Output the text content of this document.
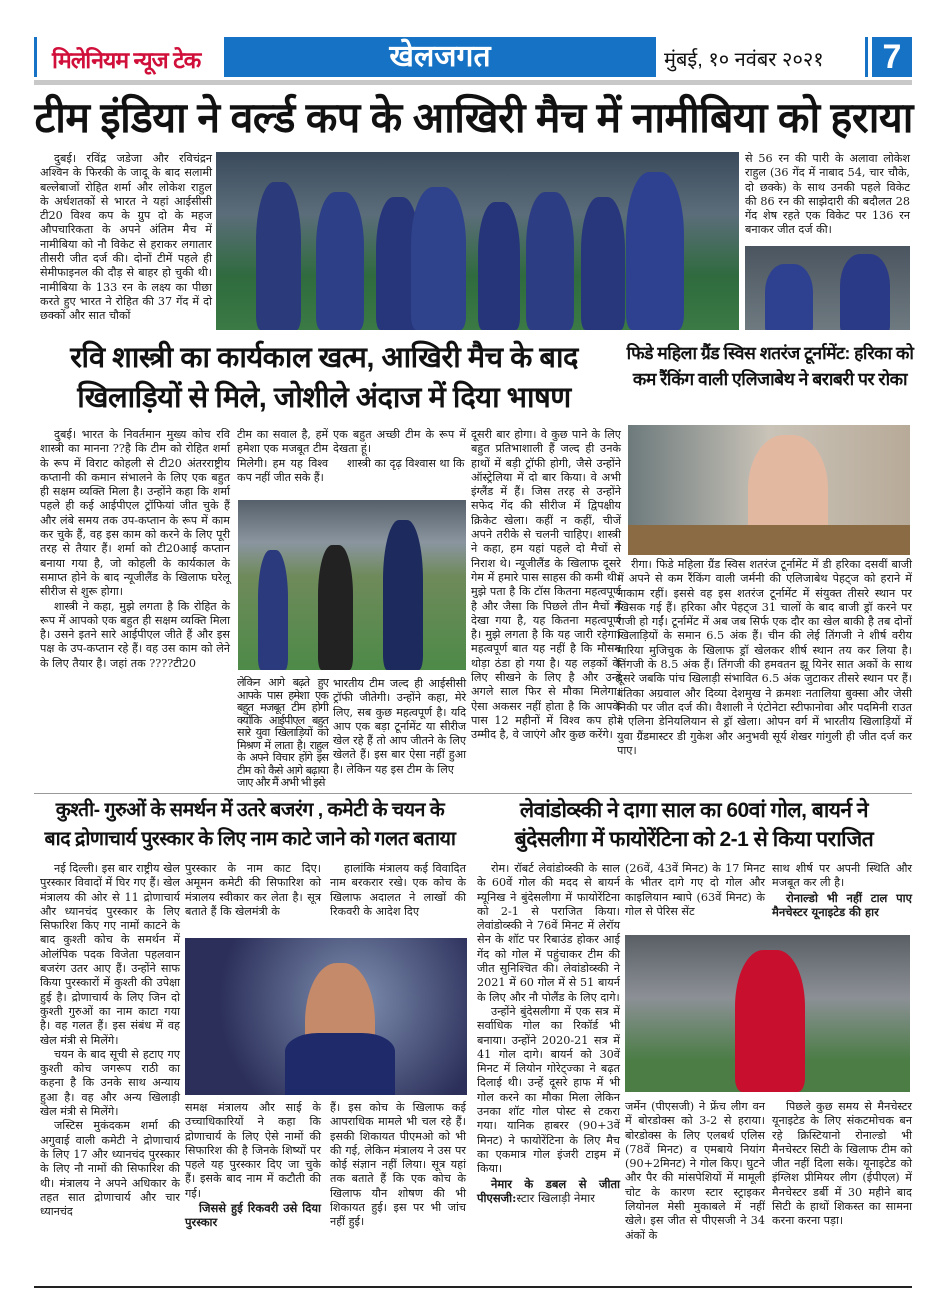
मिलेनियम न्यूज टेक	खेलजगत	मुंबई, १० नवंबर २०२१	7
टीम इंडिया ने वर्ल्ड कप के आखिरी मैच में नामीबिया को हराया

दुबई। रविंद्र जडेजा और रविचंद्रन अश्विन के फिरकी के जादू के बाद सलामी बल्लेबाजों रोहित शर्मा और लोकेश राहुल के अर्धशतकों से भारत ने यहां आईसीसी टी20 विश्व कप के ग्रुप दो के महज औपचारिकता के अपने अंतिम मैच में नामीबिया को नौ विकेट से हराकर लगातार तीसरी जीत दर्ज की। दोनों टीमें पहले ही सेमीफाइनल की दौड़ से बाहर हो चुकी थी। नामीबिया के 133 रन के लक्ष्य का पीछा करते हुए भारत ने रोहित की 37 गेंद में दो छक्कों और सात चौकों

से 56 रन की पारी के अलावा लोकेश राहुल (36 गेंद में नाबाद 54, चार चौके, दो छक्के) के साथ उनकी पहले विकेट की 86 रन की साझेदारी की बदौलत 28 गेंद शेष रहते एक विकेट पर 136 रन बनाकर जीत दर्ज की।

रवि शास्त्री का कार्यकाल खत्म, आखिरी मैच के बाद
खिलाड़ियों से मिले, जोशीले अंदाज में दिया भाषण

दुबई। भारत के निवर्तमान मुख्य कोच रवि शास्त्री का मानना ??है कि टीम को रोहित शर्मा के रूप में विराट कोहली से टी20 अंतरराष्ट्रीय कप्तानी की कमान संभालने के लिए एक बहुत ही सक्षम व्यक्ति मिला है। उन्होंने कहा कि शर्मा पहले ही कई आईपीएल ट्रॉफियां जीत चुके हैं और लंबे समय तक उप-कप्तान के रूप में काम कर चुके हैं, वह इस काम को करने के लिए पूरी तरह से तैयार हैं। शर्मा को टी20आई कप्तान बनाया गया है, जो कोहली के कार्यकाल के समाप्त होने के बाद न्यूजीलैंड के खिलाफ घरेलू सीरीज से शुरू होगा।

शास्त्री ने कहा, मुझे लगता है कि रोहित के रूप में आपको एक बहुत ही सक्षम व्यक्ति मिला है। उसने इतने सारे आईपीएल जीते हैं और इस पक्ष के उप-कप्तान रहे हैं। वह उस काम को लेने के लिए तैयार है। जहां तक ????टी20

टीम का सवाल है, हमें हमेशा एक मजबूत टीम मिलेगी। हम यह विश्व कप नहीं जीत सके हैं।

एक बहुत अच्छी टीम के रूप में देखता हूं।

शास्त्री का दृढ़ विश्वास था कि

लेकिन आगे बढ़ते हुए आपके पास हमेशा एक बहुत मजबूत टीम होगी क्योंकि आईपीएल बहुत सारे युवा खिलाड़ियों को मिश्रण में लाता है। राहुल के अपने विचार होंगे इस टीम को कैसे आगे बढ़ाया जाए और मैं अभी भी इसे

भारतीय टीम जल्द ही आईसीसी ट्रॉफी जीतेगी। उन्होंने कहा, मेरे लिए, सब कुछ महत्वपूर्ण है। यदि आप एक बड़ा टूर्नामेंट या सीरीज खेल रहे हैं तो आप जीतने के लिए खेलते हैं। इस बार ऐसा नहीं हुआ है। लेकिन यह इस टीम के लिए

दूसरी बार होगा। वे कुछ पाने के लिए बहुत प्रतिभाशाली हैं जल्द ही उनके हाथों में बड़ी ट्रॉफी होगी, जैसे उन्होंने ऑस्ट्रेलिया में दो बार किया। वे अभी इंग्लैंड में हैं। जिस तरह से उन्होंने सफेद गेंद की सीरीज में द्विपक्षीय क्रिकेट खेला। कहीं न कहीं, चीजें अपने तरीके से चलनी चाहिए। शास्त्री ने कहा, हम यहां पहले दो मैचों से निराश थे। न्यूजीलैंड के खिलाफ दूसरे गेम में हमारे पास साहस की कमी थी। मुझे पता है कि टॉस कितना महत्वपूर्ण है और जैसा कि पिछले तीन मैचों में देखा गया है, यह कितना महत्वपूर्ण है। मुझे लगता है कि यह जारी रहेगा। महत्वपूर्ण बात यह नहीं है कि मौसम थोड़ा ठंडा हो गया है। यह लड़कों के लिए सीखने के लिए है और उन्हें अगले साल फिर से मौका मिलेगा। ऐसा अकसर नहीं होता है कि आपके पास 12 महीनों में विश्व कप हो। उम्मीद है, वे जाएंगे और कुछ करेंगे।

फिडे महिला ग्रैंड स्विस शतरंज टूर्नामेंट: हरिका को कम रैंकिंग वाली एलिजाबेथ ने बराबरी पर रोका

रीगा। फिडे महिला ग्रैंड स्विस शतरंज टूर्नामेंट में डी हरिका दसवीं बाजी में अपने से कम रैंकिंग वाली जर्मनी की एलिजाबेथ पेहट्ज को हराने में नाकाम रहीं। इससे वह इस शतरंज टूर्नामेंट में संयुक्त तीसरे स्थान पर खिसक गई हैं। हरिका और पेहट्ज 31 चालों के बाद बाजी ड्रॉ करने पर राजी हो गईं। टूर्नामेंट में अब जब सिर्फ एक दौर का खेल बाकी है तब दोनों खिलाड़ियों के समान 6.5 अंक हैं। चीन की लेई तिंगजी ने शीर्ष वरीय मारिया मुजिचुक के खिलाफ ड्रॉ खेलकर शीर्ष स्थान तय कर लिया है। तिंगजी के 8.5 अंक हैं। तिंगजी की हमवतन झू यिनेर सात अकों के साथ दूसरे जबकि पांच खिलाड़ी संभावित 6.5 अंक जुटाकर तीसरे स्थान पर हैं। वंतिका अग्रवाल और दिव्या देशमुख ने क्रमशः नतालिया बुक्सा और जेसी निकी पर जीत दर्ज की। वैशाली ने एंटोनेटा स्टीफानोवा और पदमिनी राउत ने एलिना डेनियलियान से ड्रॉ खेला। ओपन वर्ग में भारतीय खिलाड़ियों में युवा ग्रैंडमास्टर डी गुकेश और अनुभवी सूर्य शेखर गांगुली ही जीत दर्ज कर पाए।

कुश्ती- गुरुओं के समर्थन में उतरे बजरंग , कमेटी के चयन के
बाद द्रोणाचार्य पुरस्कार के लिए नाम काटे जाने को गलत बताया

नई दिल्ली। इस बार राष्ट्रीय खेल पुरस्कार विवादों में घिर गए हैं। खेल मंत्रालय की ओर से 11 द्रोणाचार्य और ध्यानचंद पुरस्कार के लिए सिफारिश किए गए नामों काटने के बाद कुश्ती कोच के समर्थन में ओलंपिक पदक विजेता पहलवान बजरंग उतर आए हैं। उन्होंने साफ किया पुरस्कारों में कुश्ती की उपेक्षा हुई है। द्रोणाचार्य के लिए जिन दो कुश्ती गुरुओं का नाम काटा गया है। वह गलत हैं। इस संबंध में वह खेल मंत्री से मिलेंगे।

चयन के बाद सूची से हटाए गए कुश्ती कोच जगरूप राठी का कहना है कि उनके साथ अन्याय हुआ है। वह और अन्य खिलाड़ी खेल मंत्री से मिलेंगे।

जस्टिस मुकंदकम शर्मा की अगुवाई वाली कमेटी ने द्रोणाचार्य के लिए 17 और ध्यानचंद पुरस्कार के लिए नौ नामों की सिफारिश की थी। मंत्रालय ने अपने अधिकार के तहत सात द्रोणाचार्य और चार ध्यानचंद

पुरस्कार के नाम काट दिए। अमूमन कमेटी की सिफारिश को मंत्रालय स्वीकार कर लेता है। सूत्र बताते हैं कि खेलमंत्री के

हालांकि मंत्रालय कई विवादित नाम बरकरार रखे। एक कोच के खिलाफ अदालत ने लाखों की रिकवरी के आदेश दिए

समक्ष मंत्रालय और साई के उच्चाधिकारियों ने कहा कि द्रोणाचार्य के लिए ऐसे नामों की सिफारिश की है जिनके शिष्यों पर पहले यह पुरस्कार दिए जा चुके हैं। इसके बाद नाम में कटौती की गई।

जिससे हुई रिकवरी उसे दिया पुरस्कार

हैं। इस कोच के खिलाफ कई आपराधिक मामले भी चल रहे हैं। इसकी शिकायत पीएमओ को भी की गई, लेकिन मंत्रालय ने उस पर कोई संज्ञान नहीं लिया। सूत्र यहां तक बताते हैं कि एक कोच के खिलाफ यौन शोषण की भी शिकायत हुई। इस पर भी जांच नहीं हुई।

लेवांडोव्स्की ने दागा साल का 60वां गोल, बायर्न ने
बुंदेसलीगा में फायोरेंटिना को 2-1 से किया पराजित

रोम। रॉबर्ट लेवांडोव्स्की के साल के 60वें गोल की मदद से बायर्न म्यूनिख ने बुंदेसलीगा में फायोरेंटिना को 2-1 से पराजित किया। लेवांडोव्स्की ने 76वें मिनट में लेरॉय सेन के शॉट पर रिबाउंड होकर आई गेंद को गोल में पहुंचाकर टीम की जीत सुनिश्चित की। लेवांडोव्स्की ने 2021 में 60 गोल में से 51 बायर्न के लिए और नौ पोलैंड के लिए दागे।

उन्होंने बुंदेसलीगा में एक सत्र में सर्वाधिक गोल का रिकॉर्ड भी बनाया। उन्होंने 2020-21 सत्र में 41 गोल दागे। बायर्न को 30वें मिनट में लियोन गोरेट्ज्का ने बढ़त दिलाई थी। उन्हें दूसरे हाफ में भी गोल करने का मौका मिला लेकिन उनका शॉट गोल पोस्ट से टकरा गया। यानिक हाबरर (90+3वें मिनट) ने फायोरेंटिना के लिए मैच का एकमात्र गोल इंजरी टाइम में किया।

नेमार के डबल से जीता पीएसजी:स्टार खिलाड़ी नेमार

(26वें, 43वें मिनट) के 17 मिनट के भीतर दागे गए दो गोल और काइलियान म्बापे (63वें मिनट) के गोल से पेरिस सेंट

साथ शीर्ष पर अपनी स्थिति और मजबूत कर ली है।

रोनाल्डो भी नहीं टाल पाए मैनचेस्टर यूनाइटेड की हार

जर्मेन (पीएसजी) ने फ्रेंच लीग वन में बोरडोक्स को 3-2 से हराया। बोरडोक्स के लिए एलबर्थ एलिस (78वें मिनट) व एमबाये नियांग (90+2मिनट) ने गोल किए। घुटने और पैर की मांसपेशियों में मामूली चोट के कारण स्टार स्ट्राइकर लियोनल मेसी मुकाबले में नहीं खेले। इस जीत से पीएसजी ने 34 अंकों के

पिछले कुछ समय से मैनचेस्टर यूनाइटेड के लिए संकटमोचक बन रहे क्रिस्टियानो रोनाल्डो भी मैनचेस्टर सिटी के खिलाफ टीम को जीत नहीं दिला सके। यूनाइटेड को इंग्लिश प्रीमियर लीग (ईपीएल) में मैनचेस्टर डर्बी में 30 महीने बाद सिटी के हाथों शिकस्त का सामना करना करना पड़ा।
